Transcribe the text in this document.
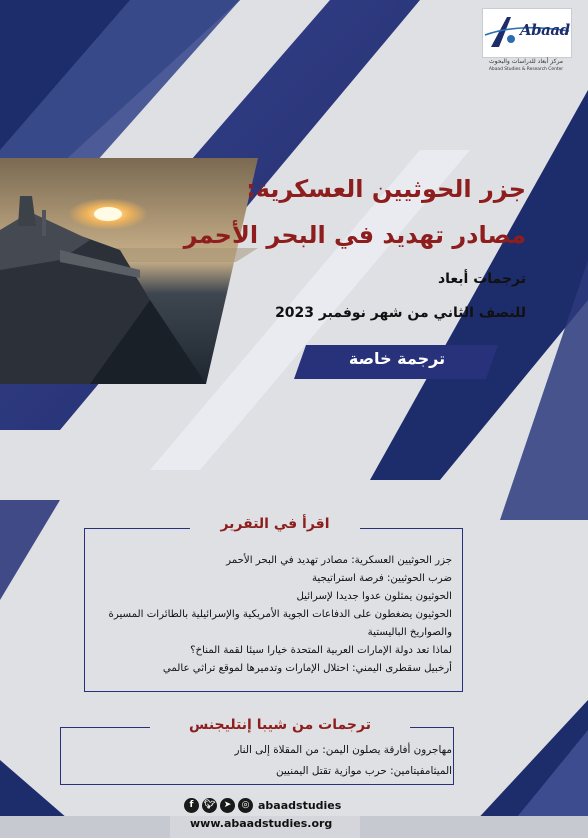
Abaad
مركز أبعاد للدراسات والبحوث
Abaad Studies & Research Center
جزر الحوثيين العسكرية:
مصادر تهديد في البحر الأحمر
ترجمات أبعاد
للنصف الثاني من شهر نوفمبر 2023
ترجمة خاصة
اقرأ في التقرير
جزر الحوثيين العسكرية: مصادر تهديد في البحر الأحمر
ضرب الحوثيين: فرصة استراتيجية
الحوثيون يمثلون عدوا جديدا لإسرائيل
الحوثيون يضغطون على الدفاعات الجوية الأمريكية والإسرائيلية بالطائرات المسيرة
والصواريخ الباليستية
لماذا تعد دولة الإمارات العربية المتحدة خيارا سيئا لقمة المناخ؟
أرخبيل سقطرى اليمني: احتلال الإمارات وتدميرها لموقع تراثي عالمي
ترجمات من شيبا إنتليجنس
مهاجرون أفارقة يصلون اليمن: من المقلاة إلى النار
الميثامفيتامين: حرب موازية تقتل اليمنيين
f	🐦︎ ➤	◎ abaadstudies
www.abaadstudies.org
